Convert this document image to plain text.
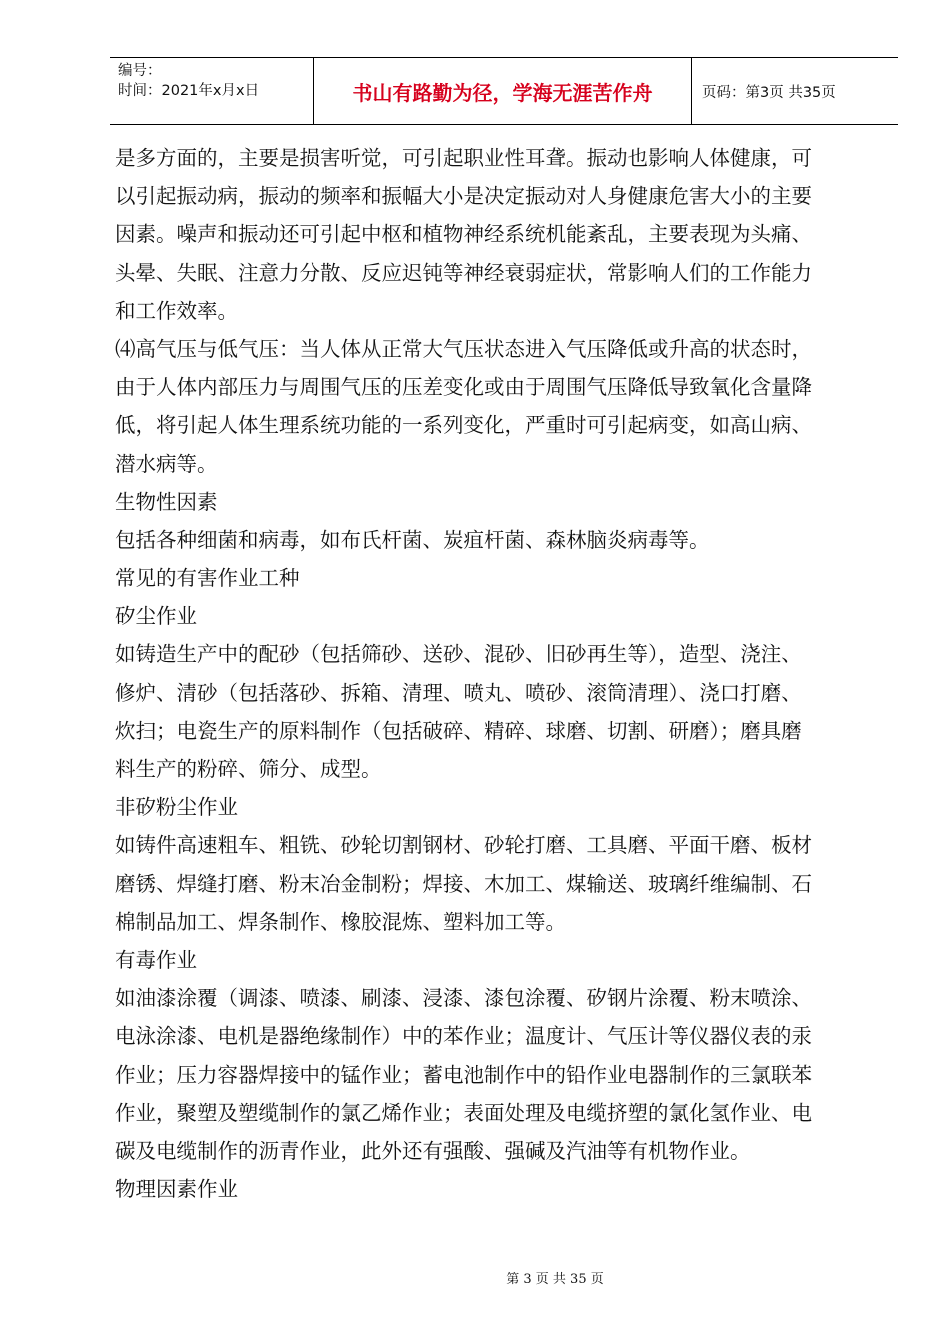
编号：
时间：2021年x月x日	书山有路勤为径，学海无涯苦作舟	页码：第3页 共35页
是多方面的，主要是损害听觉，可引起职业性耳聋。振动也影响人体健康，可
以引起振动病，振动的频率和振幅大小是决定振动对人身健康危害大小的主要
因素。噪声和振动还可引起中枢和植物神经系统机能紊乱，主要表现为头痛、
头晕、失眠、注意力分散、反应迟钝等神经衰弱症状，常影响人们的工作能力
和工作效率。
⑷高气压与低气压：当人体从正常大气压状态进入气压降低或升高的状态时，
由于人体内部压力与周围气压的压差变化或由于周围气压降低导致氧化含量降
低，将引起人体生理系统功能的一系列变化，严重时可引起病变，如高山病、
潜水病等。
生物性因素
包括各种细菌和病毒，如布氏杆菌、炭疽杆菌、森林脑炎病毒等。
常见的有害作业工种
矽尘作业
如铸造生产中的配砂（包括筛砂、送砂、混砂、旧砂再生等），造型、浇注、
修炉、清砂（包括落砂、拆箱、清理、喷丸、喷砂、滚筒清理）、浇口打磨、
炊扫；电瓷生产的原料制作（包括破碎、精碎、球磨、切割、研磨）；磨具磨
料生产的粉碎、筛分、成型。
非矽粉尘作业
如铸件高速粗车、粗铣、砂轮切割钢材、砂轮打磨、工具磨、平面干磨、板材
磨锈、焊缝打磨、粉末冶金制粉；焊接、木加工、煤输送、玻璃纤维编制、石
棉制品加工、焊条制作、橡胶混炼、塑料加工等。
有毒作业
如油漆涂覆（调漆、喷漆、刷漆、浸漆、漆包涂覆、矽钢片涂覆、粉末喷涂、
电泳涂漆、电机是器绝缘制作）中的苯作业；温度计、气压计等仪器仪表的汞
作业；压力容器焊接中的锰作业；蓄电池制作中的铅作业电器制作的三氯联苯
作业，聚塑及塑缆制作的氯乙烯作业；表面处理及电缆挤塑的氯化氢作业、电
碳及电缆制作的沥青作业，此外还有强酸、强碱及汽油等有机物作业。
物理因素作业
第 3 页 共 35 页
